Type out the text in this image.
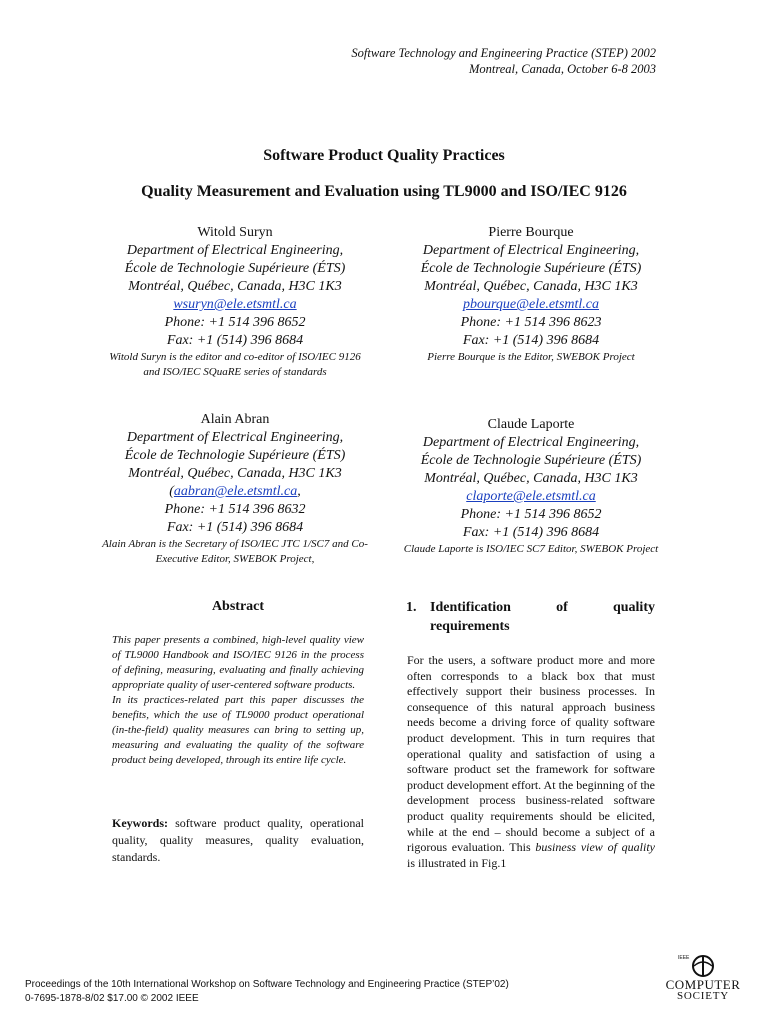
Software Technology and Engineering Practice (STEP) 2002
Montreal, Canada, October 6-8 2003
Software Product Quality Practices
Quality Measurement and Evaluation using TL9000 and ISO/IEC 9126
Witold Suryn
Department of Electrical Engineering,
École de Technologie Supérieure (ÉTS)
Montréal, Québec, Canada, H3C 1K3
wsuryn@ele.etsmtl.ca
Phone: +1 514 396 8652
Fax: +1 (514) 396 8684
Witold Suryn is the editor and co-editor of ISO/IEC 9126 and ISO/IEC SQuaRE series of standards
Pierre Bourque
Department of Electrical Engineering,
École de Technologie Supérieure (ÉTS)
Montréal, Québec, Canada, H3C 1K3
pbourque@ele.etsmtl.ca
Phone: +1 514 396 8623
Fax: +1 (514) 396 8684
Pierre Bourque is the Editor, SWEBOK Project
Alain Abran
Department of Electrical Engineering,
École de Technologie Supérieure (ÉTS)
Montréal, Québec, Canada, H3C 1K3
(aabran@ele.etsmtl.ca,
Phone: +1 514 396 8632
Fax: +1 (514) 396 8684
Alain Abran is the Secretary of ISO/IEC JTC 1/SC7 and Co-Executive Editor, SWEBOK Project,
Claude Laporte
Department of Electrical Engineering,
École de Technologie Supérieure (ÉTS)
Montréal, Québec, Canada, H3C 1K3
claporte@ele.etsmtl.ca
Phone: +1 514 396 8652
Fax: +1 (514) 396 8684
Claude Laporte is ISO/IEC SC7 Editor, SWEBOK Project
Abstract

This paper presents a combined, high-level quality view of TL9000 Handbook and ISO/IEC 9126 in the process of defining, measuring, evaluating and finally achieving appropriate quality of user-centered software products.

In its practices-related part this paper discusses the benefits, which the use of TL9000 product operational (in-the-field) quality measures can bring to setting up, measuring and evaluating the quality of the software product being developed, through its entire life cycle.

Keywords: software product quality, operational quality, quality measures, quality evaluation, standards.
1. Identification	of	quality
requirements
For the users, a software product more and more often corresponds to a black box that must effectively support their business processes. In consequence of this natural approach business needs become a driving force of quality software product development. This in turn requires that operational quality and satisfaction of using a software product set the framework for software product development effort. At the beginning of the development process business-related software product quality requirements should be elicited, while at the end – should become a subject of a rigorous evaluation. This business view of quality is illustrated in Fig.1
Proceedings of the 10th International Workshop on Software Technology and Engineering Practice (STEP’02)
0-7695-1878-8/02 $17.00 © 2002 IEEE
IEEE
COMPUTER
SOCIETY
